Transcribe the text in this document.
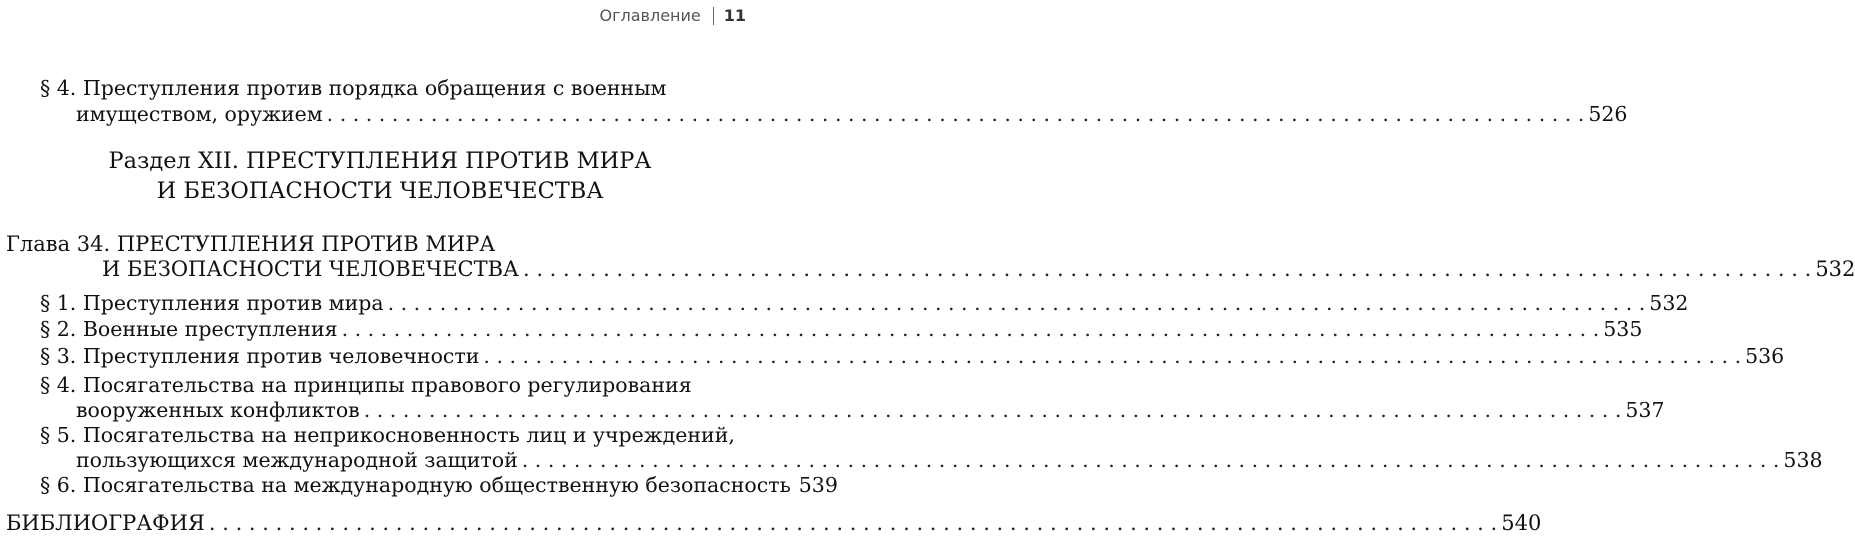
Оглавление 11
§ 4. Преступления против порядка обращения с военным
имуществом, оружием . . .	526
Раздел XII. ПРЕСТУПЛЕНИЯ ПРОТИВ МИРА
И БЕЗОПАСНОСТИ ЧЕЛОВЕЧЕСТВА
Глава 34. ПРЕСТУПЛЕНИЯ ПРОТИВ МИРА
И БЕЗОПАСНОСТИ ЧЕЛОВЕЧЕСТВА . . .	532
§ 1. Преступления против мира . . .	532
§ 2. Военные преступления . . .	535
§ 3. Преступления против человечности . . .	536
§ 4. Посягательства на принципы правового регулирования
вооруженных конфликтов . . .	537
§ 5. Посягательства на неприкосновенность лиц и учреждений,
пользующихся международной защитой . . .	538
§ 6. Посягательства на международную общественную безопасность 539
БИБЛИОГРАФИЯ . . .	540
